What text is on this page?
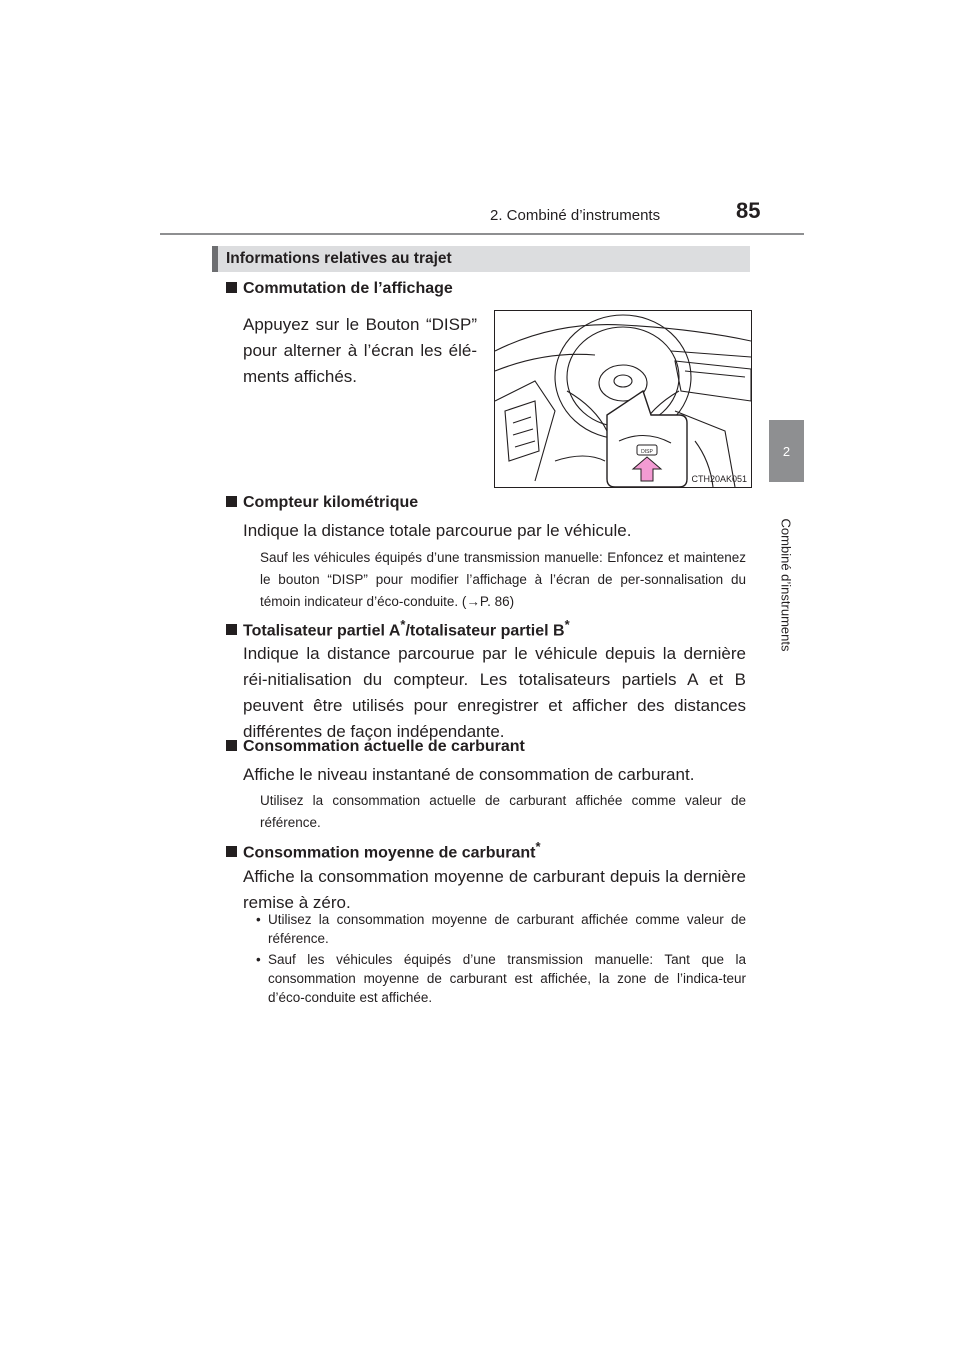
2. Combiné d’instruments	85
2
Combiné d’instruments
Informations relatives au trajet
Commutation de l’affichage

Appuyez sur le Bouton “DISP” pour alterner à l’écran les élé-ments affichés.

DISP
CTH20AK051
Compteur kilométrique

Indique la distance totale parcourue par le véhicule.

Sauf les véhicules équipés d’une transmission manuelle: Enfoncez et maintenez le bouton “DISP” pour modifier l’affichage à l’écran de per-sonnalisation du témoin indicateur d’éco-conduite. (→P. 86)

Totalisateur partiel A*/totalisateur partiel B*

Indique la distance parcourue par le véhicule depuis la dernière réi-nitialisation du compteur. Les totalisateurs partiels A et B peuvent être utilisés pour enregistrer et afficher des distances différentes de façon indépendante.

Consommation actuelle de carburant

Affiche le niveau instantané de consommation de carburant.

Utilisez la consommation actuelle de carburant affichée comme valeur de référence.

Consommation moyenne de carburant*

Affiche la consommation moyenne de carburant depuis la dernière remise à zéro.

• Utilisez la consommation moyenne de carburant affichée comme valeur de référence.
• Sauf les véhicules équipés d’une transmission manuelle: Tant que la consommation moyenne de carburant est affichée, la zone de l’indica-teur d’éco-conduite est affichée.
